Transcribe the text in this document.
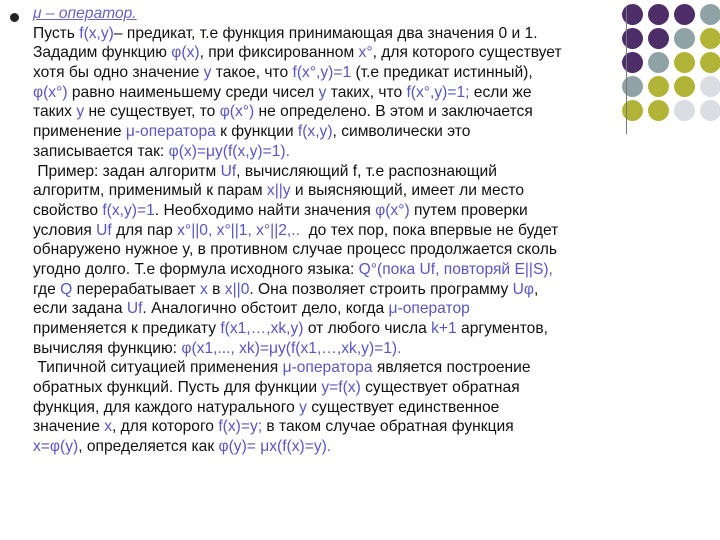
μ – оператор.
Пусть f(x,y)– предикат, т.е функция принимающая два значения 0 и 1.
Зададим функцию φ(x), при фиксированном x°, для которого существует
хотя бы одно значение y такое, что f(x°,y)=1 (т.е предикат истинный),
φ(x°) равно наименьшему среди чисел y таких, что f(x°,y)=1; если же
таких y не существует, то φ(x°) не определено. В этом и заключается
применение μ-оператора к функции f(x,y), символически это
записывается так: φ(x)=μy(f(x,y)=1).
Пример: задан алгоритм Uf, вычисляющий f, т.е распознающий
алгоритм, применимый к парам x||y и выясняющий, имеет ли место
свойство f(x,y)=1. Необходимо найти значения φ(x°) путем проверки
условия Uf для пар x°||0, x°||1, x°||2,..  до тех пор, пока впервые не будет
обнаружено нужное y, в противном случае процесс продолжается сколь
угодно долго. Т.е формула исходного языка: Q°(пока Uf, повторяй E||S),
где Q перерабатывает x в x||0. Она позволяет строить программу Uφ,
если задана Uf. Аналогично обстоит дело, когда μ-оператор
применяется к предикату f(x1,…,xk,y) от любого числа k+1 аргументов,
вычисляя функцию: φ(x1,..., xk)=μy(f(x1,…,xk,y)=1).
Типичной ситуацией применения μ-оператора является построение
обратных функций. Пусть для функции y=f(x) существует обратная
функция, для каждого натурального y существует единственное
значение x, для которого f(x)=y; в таком случае обратная функция
x=φ(y), определяется как φ(y)= μx(f(x)=y).
